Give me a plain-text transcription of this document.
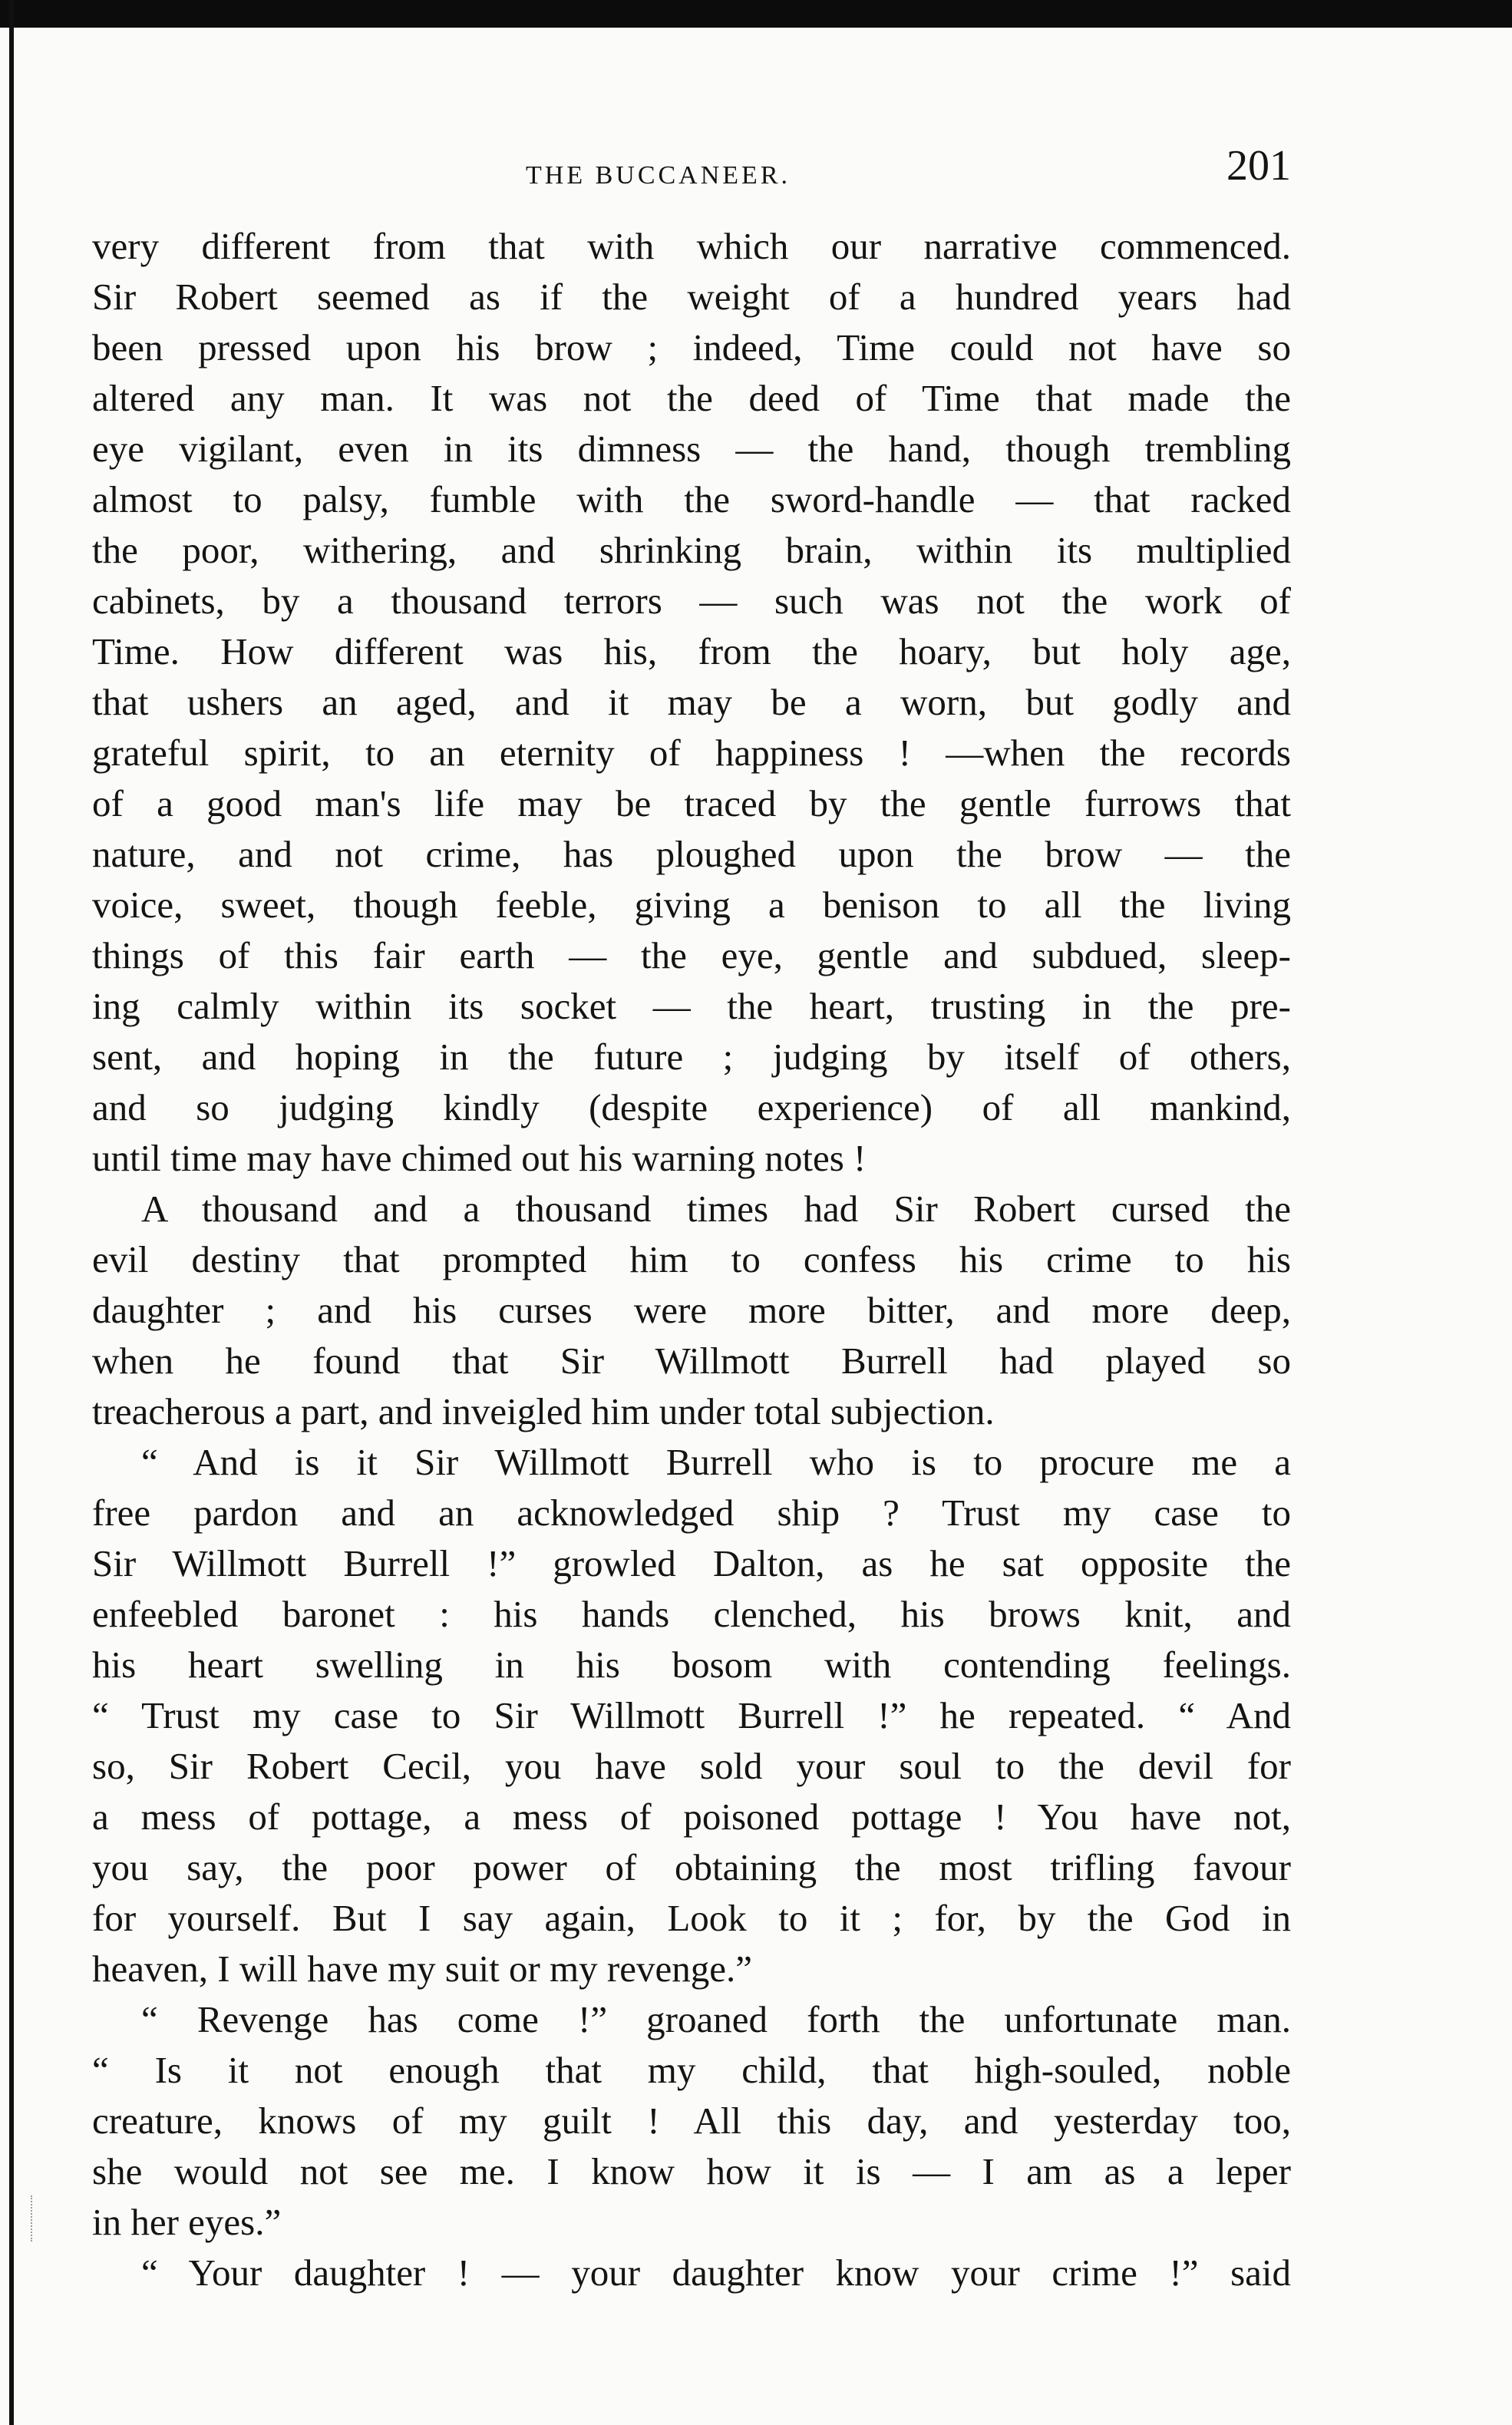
THE BUCCANEER.	201
very different from that with which our narrative commenced.
Sir Robert seemed as if the weight of a hundred years had
been pressed upon his brow ; indeed, Time could not have so
altered any man. It was not the deed of Time that made the
eye vigilant, even in its dimness — the hand, though trembling
almost to palsy, fumble with the sword-handle — that racked
the poor, withering, and shrinking brain, within its multiplied
cabinets, by a thousand terrors — such was not the work of
Time. How different was his, from the hoary, but holy age,
that ushers an aged, and it may be a worn, but godly and
grateful spirit, to an eternity of happiness ! —when the records
of a good man's life may be traced by the gentle furrows that
nature, and not crime, has ploughed upon the brow — the
voice, sweet, though feeble, giving a benison to all the living
things of this fair earth — the eye, gentle and subdued, sleep-
ing calmly within its socket — the heart, trusting in the pre-
sent, and hoping in the future ; judging by itself of others,
and so judging kindly (despite experience) of all mankind,
until time may have chimed out his warning notes !
A thousand and a thousand times had Sir Robert cursed the
evil destiny that prompted him to confess his crime to his
daughter ; and his curses were more bitter, and more deep,
when he found that Sir Willmott Burrell had played so
treacherous a part, and inveigled him under total subjection.
“ And is it Sir Willmott Burrell who is to procure me a
free pardon and an acknowledged ship ? Trust my case to
Sir Willmott Burrell !” growled Dalton, as he sat opposite the
enfeebled baronet : his hands clenched, his brows knit, and
his heart swelling in his bosom with contending feelings.
“ Trust my case to Sir Willmott Burrell !” he repeated. “ And
so, Sir Robert Cecil, you have sold your soul to the devil for
a mess of pottage, a mess of poisoned pottage ! You have not,
you say, the poor power of obtaining the most trifling favour
for yourself. But I say again, Look to it ; for, by the God in
heaven, I will have my suit or my revenge.”
“ Revenge has come !” groaned forth the unfortunate man.
“ Is it not enough that my child, that high-souled, noble
creature, knows of my guilt ! All this day, and yesterday too,
she would not see me. I know how it is — I am as a leper
in her eyes.”
“ Your daughter ! — your daughter know your crime !” said
